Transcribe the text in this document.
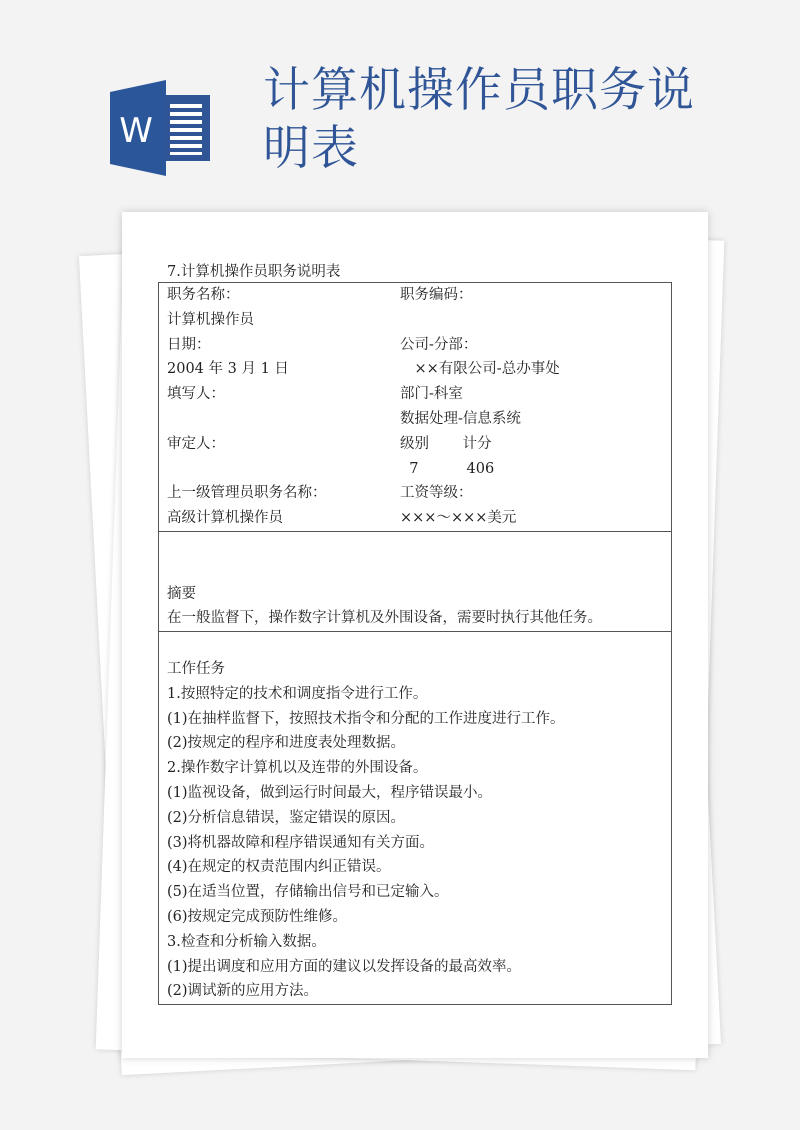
W
计算机操作员职务说明表
7.计算机操作员职务说明表
职务名称：	职务编码：
计算机操作员
日期：	公司-分部：
2004 年 3 月 1 日	　××有限公司-总办事处
填写人：	部门-科室
数据处理-信息系统
审定人：	级别　　 计分
7　　　 406
上一级管理员职务名称：	工资等级：
高级计算机操作员	×××～×××美元
摘要
在一般监督下，操作数字计算机及外围设备，需要时执行其他任务。
工作任务
1.按照特定的技术和调度指令进行工作。
(1)在抽样监督下，按照技术指令和分配的工作进度进行工作。
(2)按规定的程序和进度表处理数据。
2.操作数字计算机以及连带的外围设备。
(1)监视设备，做到运行时间最大，程序错误最小。
(2)分析信息错误，鉴定错误的原因。
(3)将机器故障和程序错误通知有关方面。
(4)在规定的权责范围内纠正错误。
(5)在适当位置，存储输出信号和已定输入。
(6)按规定完成预防性维修。
3.检查和分析输入数据。
(1)提出调度和应用方面的建议以发挥设备的最高效率。
(2)调试新的应用方法。
